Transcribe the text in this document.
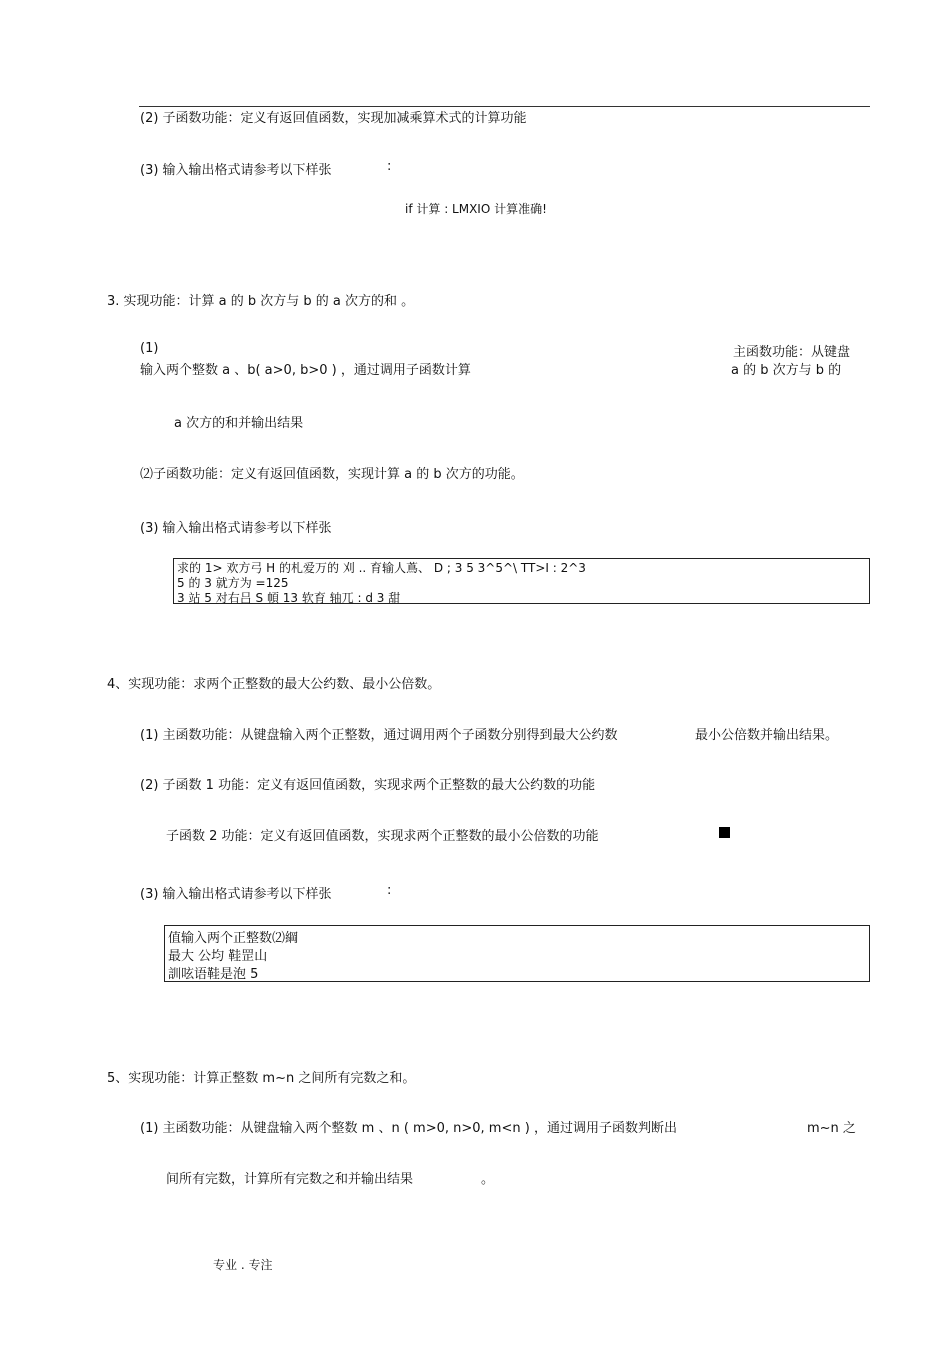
(2) 子函数功能：定义有返回值函数，实现加减乘算术式的计算功能
(3) 输入输出格式请参考以下样张	:
if 计算 : LMXIO 计算准确!
3. 实现功能：计算 a 的 b 次方与 b 的 a 次方的和 。
(1)	主函数功能：从键盘
输入两个整数 a 、b( a>0, b>0 ) ，通过调用子函数计算	a 的 b 次方与 b 的
a 次方的和并输出结果
⑵子函数功能：定义有返回值函数，实现计算 a 的 b 次方的功能。
(3) 输入输出格式请参考以下样张
求的 1> 欢方弓 H 的札爱万的 刈 .. 育输人蔦、 D ; 3 5 3^5^\ TT>I : 2^3
5 的 3 就方为 =125
3 站 5 对右吕 S 幁 13 软育 轴兀 : d 3 甜
4、实现功能：求两个正整数的最大公约数、最小公倍数。
(1) 主函数功能：从键盘输入两个正整数，通过调用两个子函数分别得到最大公约数	最小公倍数并输出结果。
(2) 子函数 1 功能：定义有返回值函数，实现求两个正整数的最大公约数的功能
子函数 2 功能：定义有返回值函数，实现求两个正整数的最小公倍数的功能
(3) 输入输出格式请参考以下样张	:
值输入两个正整数⑵綱
最大 公均 鞋罡山
訓呟语鞋是泡 5
5、实现功能：计算正整数 m~n 之间所有完数之和。
(1) 主函数功能：从键盘输入两个整数 m 、n ( m>0, n>0, m<n ) ，通过调用子函数判断出	m~n 之
间所有完数，计算所有完数之和并输出结果	。
专业 . 专注
